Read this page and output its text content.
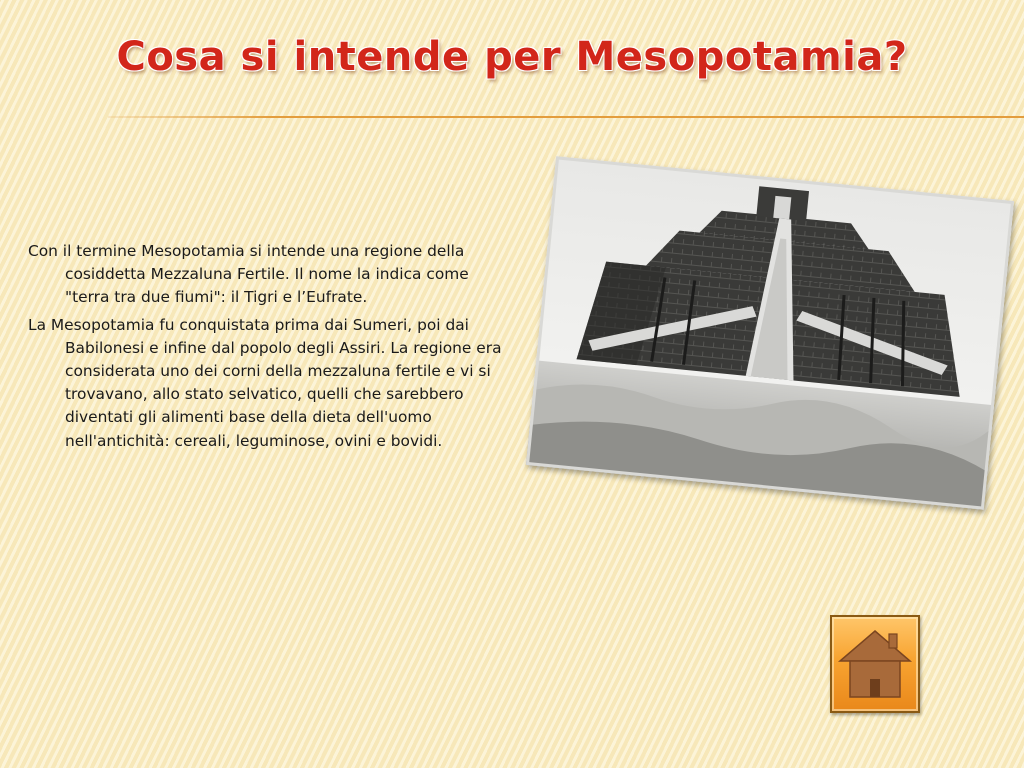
Cosa si intende per Mesopotamia?

Con il termine Mesopotamia si intende una regione della cosiddetta Mezzaluna Fertile. Il nome la indica come "terra tra due fiumi": il Tigri e l’Eufrate.

La Mesopotamia fu conquistata prima dai Sumeri, poi dai Babilonesi e infine dal popolo degli Assiri. La regione era considerata uno dei corni della mezzaluna fertile e vi si trovavano, allo stato selvatico, quelli che sarebbero diventati gli alimenti base della dieta dell'uomo nell'antichità: cereali, leguminose, ovini e bovidi.
